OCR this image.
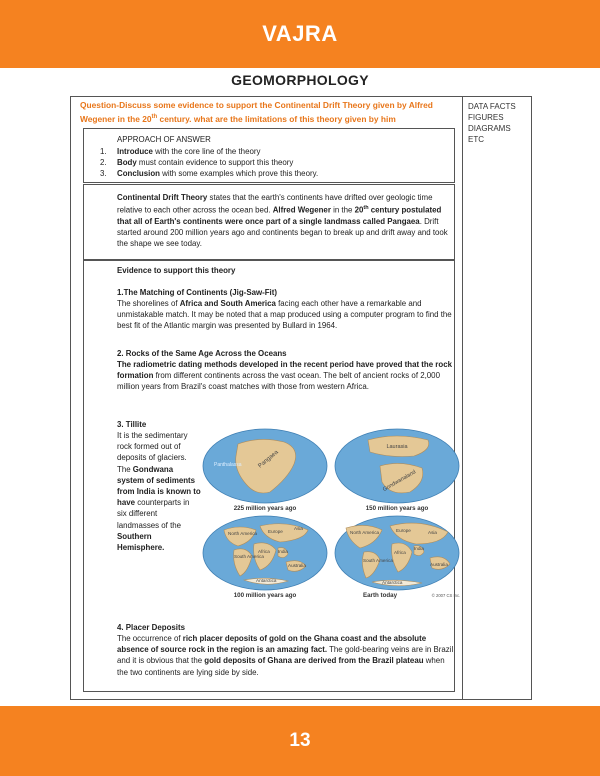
VAJRA
GEOMORPHOLOGY
DATA FACTS
FIGURES
DIAGRAMS
ETC
Question-Discuss some evidence to support the Continental Drift Theory given by Alfred
Wegener in the 20th century. what are the limitations of this theory given by him
APPROACH OF ANSWER
1. Introduce with the core line of the theory
2. Body must contain evidence to support this theory
3. Conclusion with some examples which prove this theory.
Continental Drift Theory states that the earth's continents have drifted over geologic time relative to each other across the ocean bed. Alfred Wegener in the 20th century postulated that all of Earth's continents were once part of a single landmass called Pangaea. Drift started around 200 million years ago and continents began to break up and drift away and took the shape we see today.
Evidence to support this theory
1.The Matching of Continents (Jig-Saw-Fit)
The shorelines of Africa and South America facing each other have a remarkable and unmistakable match. It may be noted that a map produced using a computer program to find the best fit of the Atlantic margin was presented by Bullard in 1964.
2. Rocks of the Same Age Across the Oceans
The radiometric dating methods developed in the recent period have proved that the rock formation from different continents across the vast ocean. The belt of ancient rocks of 2,000 million years from Brazil's coast matches with those from western Africa.
3. Tillite
It is the sedimentary rock formed out of deposits of glaciers. The Gondwana system of sediments from India is known to have counterparts in six different landmasses of the Southern Hemisphere.
Pangaea
Panthalassa
225 million years ago
Laurasia
Gondwanaland
150 million years ago
North America Europe
Asia
South America
Africa India
Australia
Antarctica
100 million years ago
North America	Europe	Asia
Africa
South America
India
Australia
Antarctica
Earth today	© 2007 CS Inc.
4. Placer Deposits
The occurrence of rich placer deposits of gold on the Ghana coast and the absolute absence of source rock in the region is an amazing fact. The gold-bearing veins are in Brazil and it is obvious that the gold deposits of Ghana are derived from the Brazil plateau when the two continents are lying side by side.
13
